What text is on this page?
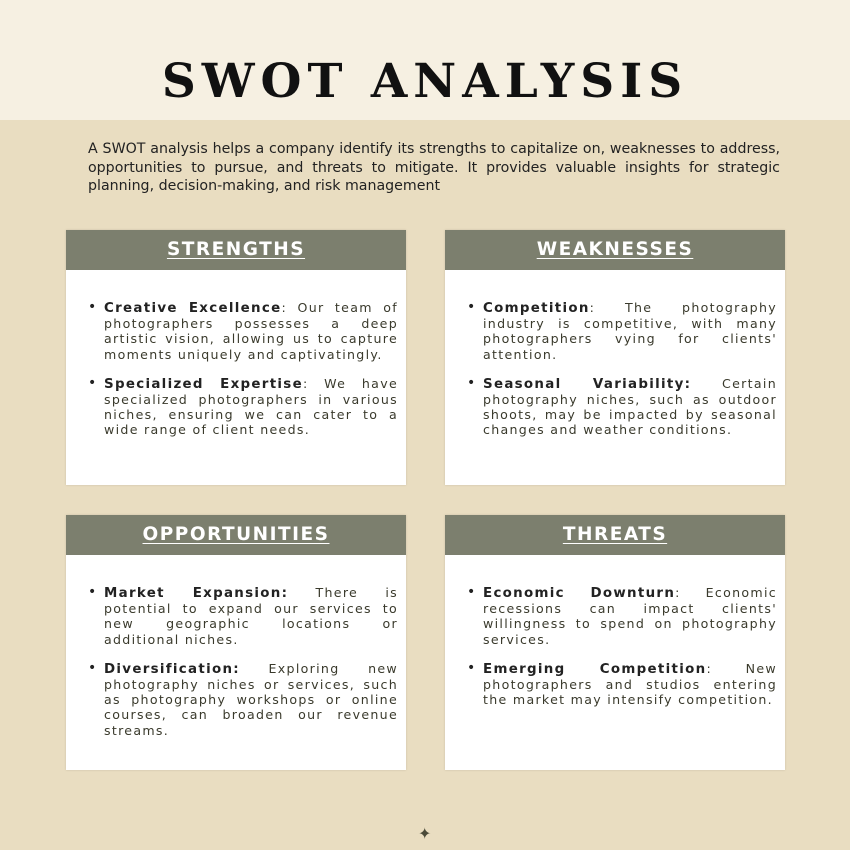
SWOT ANALYSIS

A SWOT analysis helps a company identify its strengths to capitalize on, weaknesses to address, opportunities to pursue, and threats to mitigate. It provides valuable insights for strategic planning, decision-making, and risk management

STRENGTHS
• Creative Excellence: Our team of photographers possesses a deep artistic vision, allowing us to capture moments uniquely and captivatingly.
• Specialized Expertise: We have specialized photographers in various niches, ensuring we can cater to a wide range of client needs.
WEAKNESSES
• Competition: The photography industry is competitive, with many photographers vying for clients' attention.
• Seasonal Variability: Certain photography niches, such as outdoor shoots, may be impacted by seasonal changes and weather conditions.
OPPORTUNITIES
• Market Expansion: There is potential to expand our services to new geographic locations or additional niches.
• Diversification: Exploring new photography niches or services, such as photography workshops or online courses, can broaden our revenue streams.
THREATS
• Economic Downturn: Economic recessions can impact clients' willingness to spend on photography services.
• Emerging Competition: New photographers and studios entering the market may intensify competition.
✦
